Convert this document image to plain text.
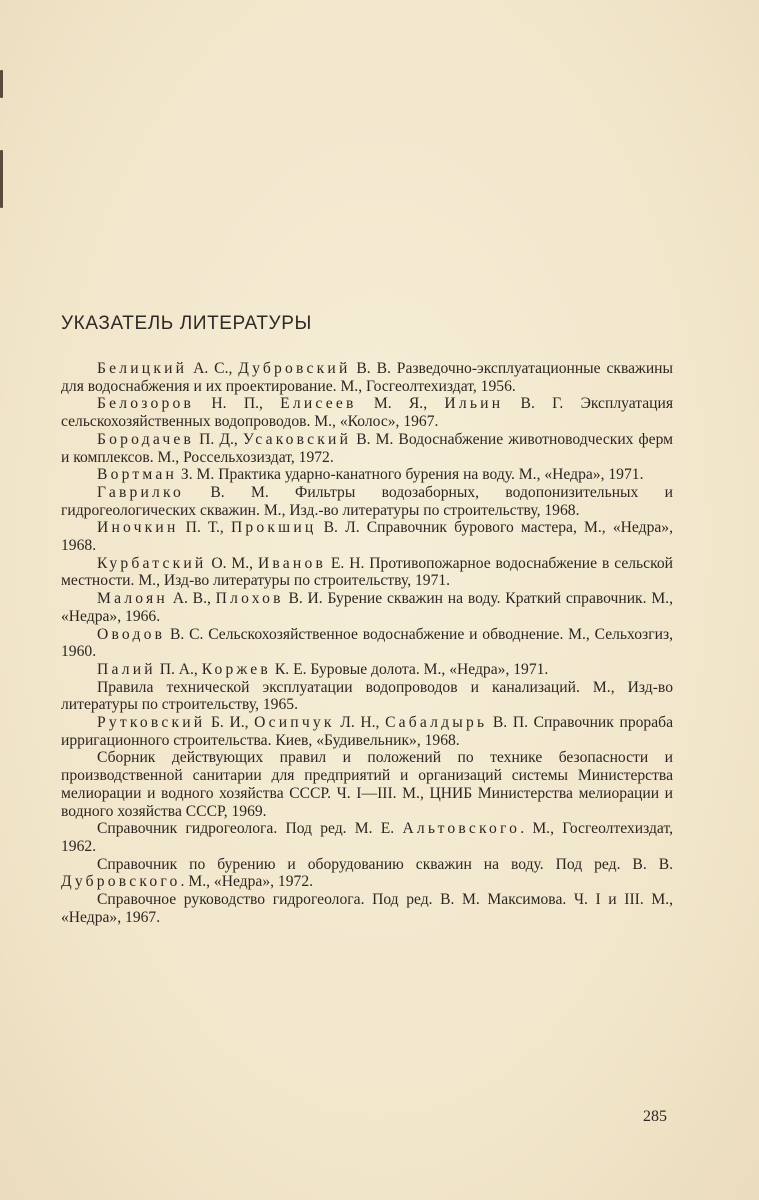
УКАЗАТЕЛЬ ЛИТЕРАТУРЫ

Белицкий А. С., Дубровский В. В. Разведочно-эксплуатационные скважины для водоснабжения и их проектирование. М., Госгеолтехиздат, 1956.

Белозоров Н. П., Елисеев М. Я., Ильин В. Г. Эксплуатация сельскохозяйственных водопроводов. М., «Колос», 1967.

Бородачев П. Д., Усаковский В. М. Водоснабжение животноводческих ферм и комплексов. М., Россельхозиздат, 1972.

Вортман З. М. Практика ударно-канатного бурения на воду. М., «Недра», 1971.

Гаврилко В. М. Фильтры водозаборных, водопонизительных и гидрогеологических скважин. М., Изд.-во литературы по строительству, 1968.

Иночкин П. Т., Прокшиц В. Л. Справочник бурового мастера, М., «Недра», 1968.

Курбатский О. М., Иванов Е. Н. Противопожарное водоснабжение в сельской местности. М., Изд-во литературы по строительству, 1971.

Малоян А. В., Плохов В. И. Бурение скважин на воду. Краткий справочник. М., «Недра», 1966.

Оводов В. С. Сельскохозяйственное водоснабжение и обводнение. М., Сельхозгиз, 1960.

Палий П. А., Коржев К. Е. Буровые долота. М., «Недра», 1971.

Правила технической эксплуатации водопроводов и канализаций. М., Изд-во литературы по строительству, 1965.

Рутковский Б. И., Осипчук Л. Н., Сабалдырь В. П. Справочник прораба ирригационного строительства. Киев, «Будивельник», 1968.

Сборник действующих правил и положений по технике безопасности и производственной санитарии для предприятий и организаций системы Министерства мелиорации и водного хозяйства СССР. Ч. I—III. М., ЦНИБ Министерства мелиорации и водного хозяйства СССР, 1969.

Справочник гидрогеолога. Под ред. М. Е. Альтовского. М., Госгеолтехиздат, 1962.

Справочник по бурению и оборудованию скважин на воду. Под ред. В. В. Дубровского. М., «Недра», 1972.

Справочное руководство гидрогеолога. Под ред. В. М. Максимова. Ч. I и III. М., «Недра», 1967.

285
